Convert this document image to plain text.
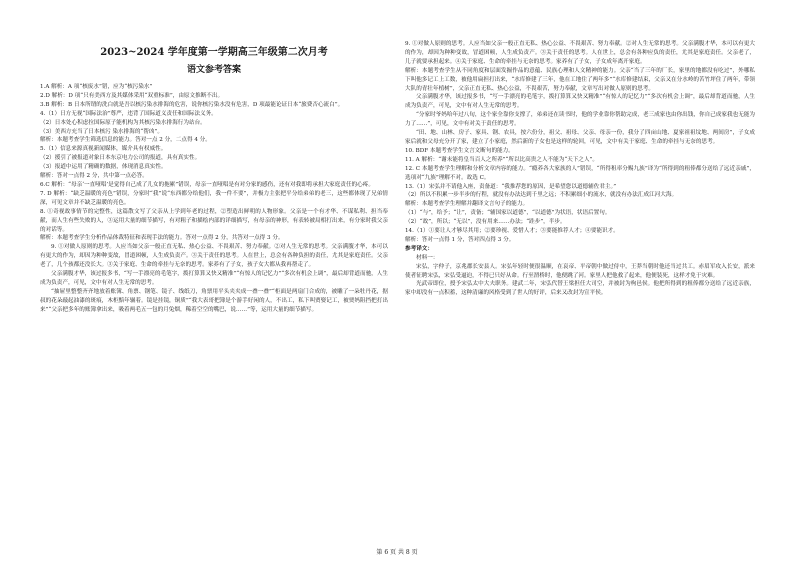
2023~2024 学年度第一学期高三年级第二次月考
语文参考答案

1.A 解析：A 项“核废水”错，应为“核污染水”

2.D 解析：D 项“只有美西方及其媒体采用“双重标准”，由原文推断不出。

3.B 解析：B 日本所谓的洗白就是吾以核污染水排海的危害，说你核污染水没有危害，D 项最能论证日本“旅费否心流白”。

4.（1）日方无视“国际法治”尊严，违背了国际道义责任和国际法义务。

（2）日本处心积虑拉国际原子能机构为其核污染水排海行为站台。

（3）美西方充当了日本核污 染水排海的“帮凶”。

解析：本题考查学生筛选信息的能力。答对一点 2 分，二点得 4 分。

5.（1）信息来源真视新闻媒体，媒介具有权威性。

（2）援引了被报道对象日本东京电力公司的报道，具有真实性。

（3）报道中运用了精确的数据，体现消息真实性。

解析：答对一点得 2 分，共中第一点必答。

6.C 解析：“母亲‘一直哑唱’是觉得自己成了儿女的拖累”错误，母亲一直哑唱是有对分家的感伤，还有对我即将承担大家庭责任的心疼。

7. D 解析：“缺乏温暖的亮色”错误，分家时“我”说“东西都分给他们，我一件不要”，并极力主张把平分给弟弟的老三，这些都体现了兄弟情深，可见文章并不缺乏温暖的亮色。

8. ①奇视故事情节的完整性，这篇散文写了父亲从上学到年老的过程，②塑造出鲜明的人物形象。父亲是一个有才华、不谋私利、担当奉献，而人生有些失败的人，③运用大量的细节描写，有对粗子和描绘内部的详细描写，有母亲的神形，有表转被局相打出来，有分家时我父亲的对话等。

解析：本题考查学生分析作品体裁特征和表现手法的能力。答对一点得 2 分，共答对一点得 3 分。

9. ①对做人原则的思考。人应当如父亲一般正直无私、热心公益、不畏艰苦、努力奉献。②对人生无常的思考。父亲满腹才华，本可以有更大的作为，却因为种种变故，冒道困顿，人生成负责产。③关于责任的思考。人在世上，总会有各种负担的责任，尤其是家庭责任。父亲老了，几个孩都还没长大。③关于家庭、生命的牵挂与无奈的思考。家养有了子女，孩子女大都从我再帮走了。

父亲满腹才华，该过报多书，“写一手漂亮的毛笔字，拨打算算又快又精准”“有惊人的记忆力”“多次有机会上调”，最后却背道而驰，人生成为负责产，可见，文中有对人生无常的思考。

“抽屉里整整齐齐地放着账簿、角票、钢笔、镜子、线纸刀，角票用平头夹夹成一叠一叠”“柜面是两扇门合成的，被雕了一朵牡丹花，据叔的花朵敲起油漆的斑痕，木柜黯年辗着。镜是挂镜，铜质”“我大表哥把簿是个游手好闲的人，不出工，私下叫贾娶记工，被贾妈阻挡把打出来”“父亲把多年的账簿拿出来，吸着两毛五一包的月兔烟，稀着空空的嘴巴，说……”等，运用大量的细节描写。

9. ①对做人原则的思考。人应当如父亲一般正直无私、热心公益、不畏艰苦、努力奉献。②对人生无常的思考。父亲满腹才华，本可以有更大的作为，却因为种种变故，冒道困顿，人生成负责产。③关于责任的思考。人在世上，总会有各种应负的责任，尤其是家庭责任。父亲老了，儿子就要承担起来。④关于家庭、生命的牵挂与无奈的思考。家养有了子女，子女成年离开家庭。

解析：本题考查学生从不同角度和层面发掘作品的意蕴、民族心理和人文精神的能力。父亲“当了三年的厂长，家里的地都没有吃过”，外哪私下叫他多记工上工数，被他用扁担打出来，“水库修建了三年，他在工地住了两年多”“水库修建结束，父亲又在分水岭的苦竹坪住了两年，带领大队的青壮年植树”，父亲正直无私、热心公益，不畏艰苦，努力奉献，文章写出对做人原则的思考。

父亲满腹才华，该过报多书，“写一手漂亮的毛笔字，拨打算算又快又精准”“有惊人的记忆力”“多次有机会上调”，最后却背道而驰，人生成为负责产，可见，文中有对人生无常的思考。

“分家时爷妈哈年过八旬，这个家全靠你支撑了，弟弟还在读书时，他的学业靠你帮助完成，老三成家也由你出钱，你自己成家我也无能为力了……”，可见，文中有对关于责任的思考。

“田、地、山林、房子、家具、钢、农具，按六份分，祖父、祖母、父亲、母亲一份，我分了四亩山地、夏家祖祖坟地、两间房”，子女成家后就和父母充分开了家，建立了小家庭，然后新的子女也是这样的轮回，可见，文中有关于家庭、生命的牵挂与无奈的思考。

10. BDF 本题考查学生文言文断句的能力。

11. A 解析：“谢未能将皇当百人之所养”“所以比高贵之人不能为“天下之人”。

12. C 本题考查学生理解和分析文章内容的能力。“瘾养各大家族的人”错误，“所得租率分赐九族”译为“所得到的租俸都分送给了远近亲戚”，选项对“九族”理解不对。故选 C。

13.（1）宋弘并不请他入座，责备道：“我推荐您的原因，是希望您以道德辅佐君主。”

（2）所以不积累一步半步的行程，就没有办法达到千里之远；不积累细小的流水，就没有办法汇成江河大海。

解析：本题考查学生理解并翻译文言句子的能力。

（1）“与”，给予；“让”，责备；“辅国家以道德”，“以道德”为状语，状语后置句。

（2）“故”，所以；“无以”，没有用来……办法；“跬步”，半步。

14.（1）①要让人才够尽其用；②要珍视、爱惜人才；③要能推荐人才；④要能识才。

解析：答对一点得 1 分，答对四点得 3 分。

参考译文：

材料一：

宋弘，字仲子，京兆郡长安县人。宋弘年轻时便很温顺，在哀帝、平帝朝中做过侍中，王莽当朝时他还当过共工。赤眉军攻入长安，派来使者征聘宋弘，宋弘受逼迫，不得已只好从命。行至渭桥时，他便跳了河。家里人把他救了起来，他便装死，这样才免于灾难。

光武帝即位，授予宋弘太中大夫职务。建武二年，宋弘代替王梁担任大司空，并被封为枸邑侯。他把所得到的租俸都分送给了远近亲族，家中却没有一点积蓄，这种清廉的风格受到了世人的好评，后来又改封为宣平侯。

第 6 页 共 8 页
